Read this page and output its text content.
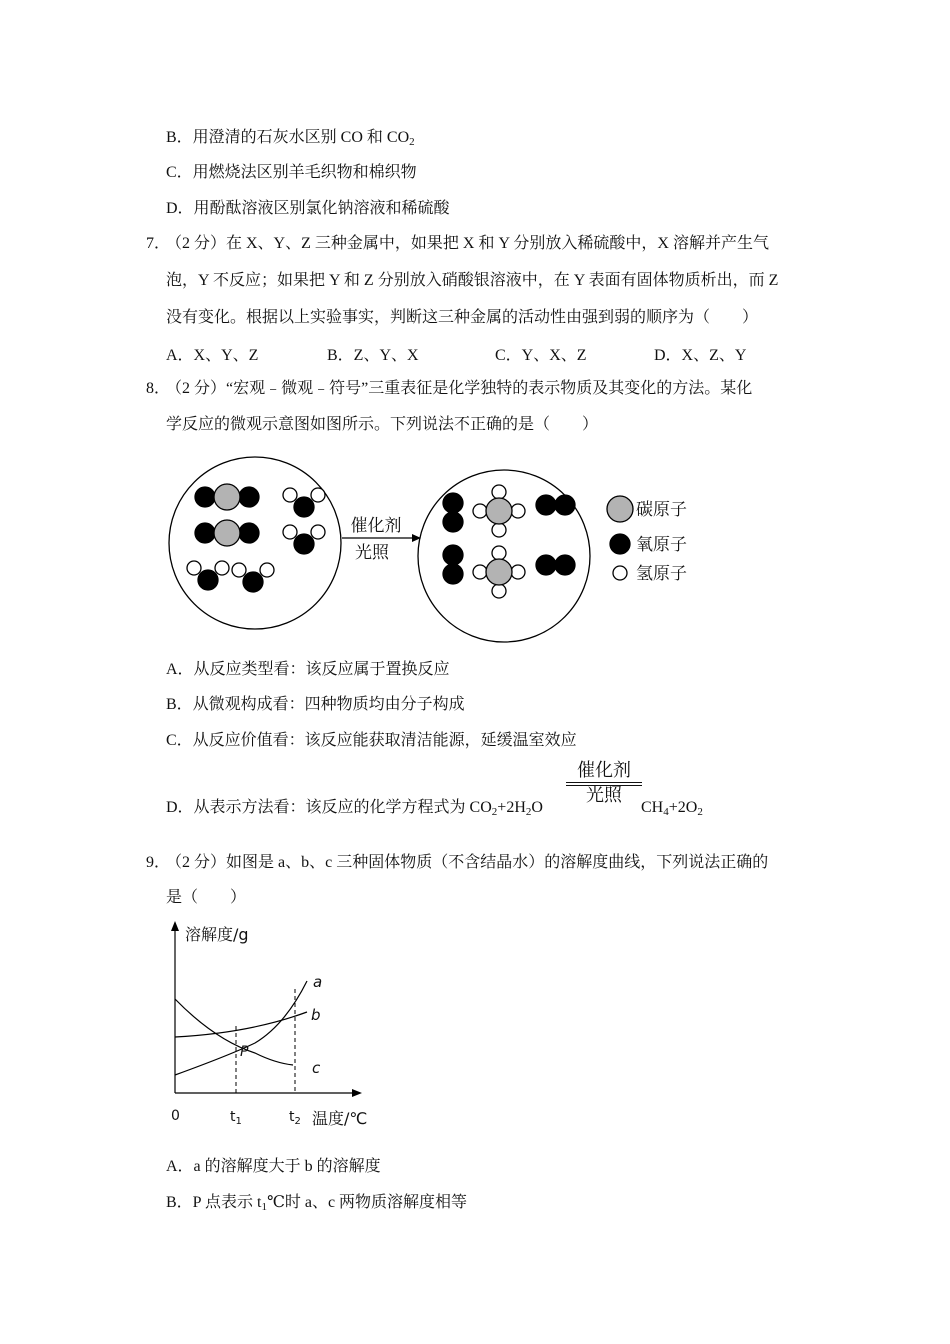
B．用澄清的石灰水区别 CO 和 $CO_2$
C．用燃烧法区别羊毛织物和棉织物
D．用酚酞溶液区别氯化钠溶液和稀硫酸
7．
（2 分）在 X、Y、Z 三种金属中，如果把 X 和 Y 分别放入稀硫酸中，X 溶解并产生气
泡，Y 不反应；如果把 Y 和 Z 分别放入硝酸银溶液中，在 Y 表面有固体物质析出，而 Z
没有变化。根据以上实验事实，判断这三种金属的活动性由强到弱的顺序为（　　）
A．X、Y、Z	B．Z、Y、X	C．Y、X、Z	D．X、Z、Y
8．
（2 分）“宏观﹣微观﹣符号”三重表征是化学独特的表示物质及其变化的方法。某化
学反应的微观示意图如图所示。下列说法不正确的是（　　）
催化剂
光照
碳原子
氧原子
氢原子
A．从反应类型看：该反应属于置换反应
B．从微观构成看：四种物质均由分子构成
C．从反应价值看：该反应能获取清洁能源，延缓温室效应
D．从表示方法看：该反应的化学方程式为 $CO_2+2H_2O$
催化剂
光照
$CH_4+2O_2$
9．
（2 分）如图是 a、b、c 三种固体物质（不含结晶水）的溶解度曲线，下列说法正确的
是（　　）
溶解度/g
温度/℃
0	$t_1$	$t_2$
P
a
b
c
A．a 的溶解度大于 b 的溶解度
B．P 点表示 $t_1℃$时 a、c 两物质溶解度相等
